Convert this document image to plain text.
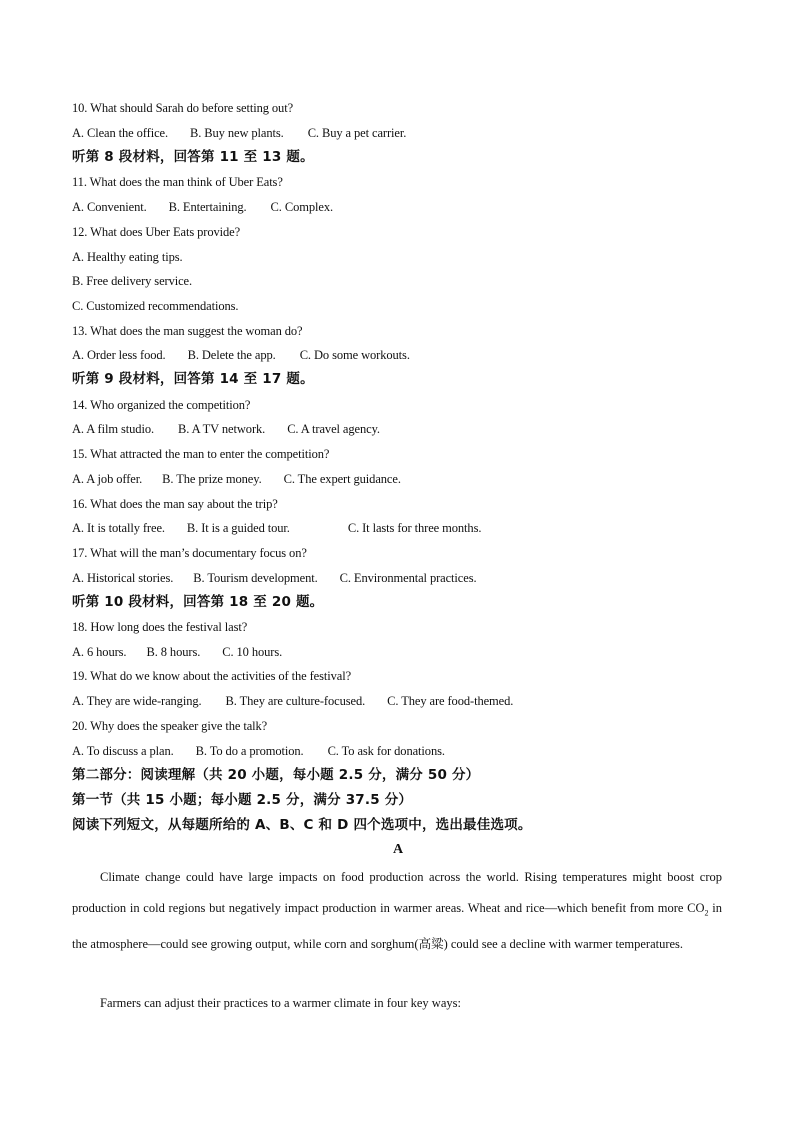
10. What should Sarah do before setting out?
A. Clean the office. B. Buy new plants. C. Buy a pet carrier.
听第 8 段材料，回答第 11 至 13 题。
11. What does the man think of Uber Eats?
A. Convenient. B. Entertaining. C. Complex.
12. What does Uber Eats provide?
A. Healthy eating tips.
B. Free delivery service.
C. Customized recommendations.
13. What does the man suggest the woman do?
A. Order less food. B. Delete the app. C. Do some workouts.
听第 9 段材料，回答第 14 至 17 题。
14. Who organized the competition?
A. A film studio. B. A TV network. C. A travel agency.
15. What attracted the man to enter the competition?
A. A job offer. B. The prize money. C. The expert guidance.
16. What does the man say about the trip?
A. It is totally free. B. It is a guided tour.	C. It lasts for three months.
17. What will the man’s documentary focus on?
A. Historical stories. B. Tourism development. C. Environmental practices.
听第 10 段材料，回答第 18 至 20 题。
18. How long does the festival last?
A. 6 hours. B. 8 hours. C. 10 hours.
19. What do we know about the activities of the festival?
A. They are wide-ranging. B. They are culture-focused. C. They are food-themed.
20. Why does the speaker give the talk?
A. To discuss a plan. B. To do a promotion. C. To ask for donations.
第二部分：阅读理解（共 20 小题，每小题 2.5 分，满分 50 分）
第一节（共 15 小题；每小题 2.5 分，满分 37.5 分）
阅读下列短文，从每题所给的 A、B、C 和 D 四个选项中，选出最佳选项。
A
Climate change could have large impacts on food production across the world. Rising temperatures might boost crop production in cold regions but negatively impact production in warmer areas. Wheat and rice—which benefit from more $CO_2$ in the atmosphere—could see growing output, while corn and sorghum(高粱) could see a decline with warmer temperatures.
Farmers can adjust their practices to a warmer climate in four key ways:
